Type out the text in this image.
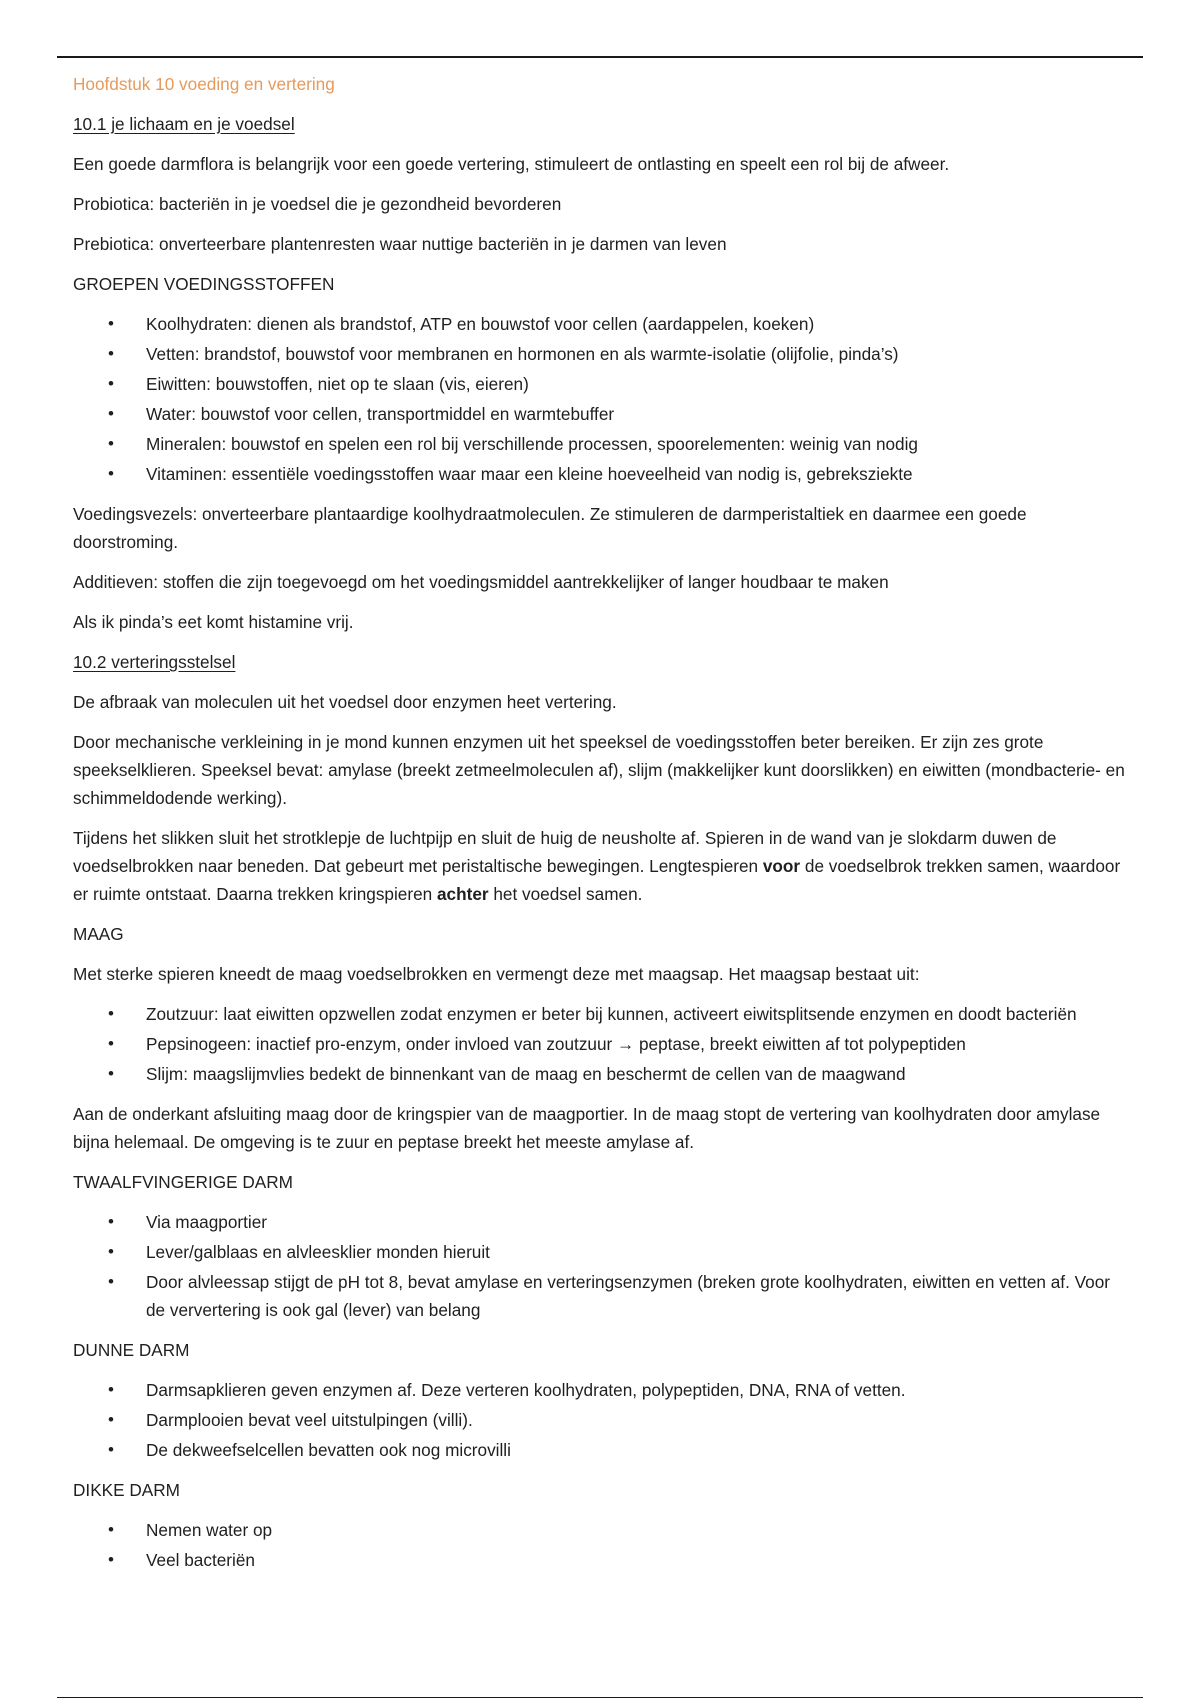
Hoofdstuk 10 voeding en vertering
10.1 je lichaam en je voedsel
Een goede darmflora is belangrijk voor een goede vertering, stimuleert de ontlasting en speelt een rol bij de afweer.
Probiotica: bacteriën in je voedsel die je gezondheid bevorderen
Prebiotica: onverteerbare plantenresten waar nuttige bacteriën in je darmen van leven
GROEPEN VOEDINGSSTOFFEN
• Koolhydraten: dienen als brandstof, ATP en bouwstof voor cellen (aardappelen, koeken)
• Vetten: brandstof, bouwstof voor membranen en hormonen en als warmte-isolatie (olijfolie, pinda’s)
• Eiwitten: bouwstoffen, niet op te slaan (vis, eieren)
• Water: bouwstof voor cellen, transportmiddel en warmtebuffer
• Mineralen: bouwstof en spelen een rol bij verschillende processen, spoorelementen: weinig van nodig
• Vitaminen: essentiële voedingsstoffen waar maar een kleine hoeveelheid van nodig is, gebreksziekte
Voedingsvezels: onverteerbare plantaardige koolhydraatmoleculen. Ze stimuleren de darmperistaltiek en daarmee een goede doorstroming.
Additieven: stoffen die zijn toegevoegd om het voedingsmiddel aantrekkelijker of langer houdbaar te maken
Als ik pinda’s eet komt histamine vrij.
10.2 verteringsstelsel
De afbraak van moleculen uit het voedsel door enzymen heet vertering.
Door mechanische verkleining in je mond kunnen enzymen uit het speeksel de voedingsstoffen beter bereiken. Er zijn zes grote speekselklieren. Speeksel bevat: amylase (breekt zetmeelmoleculen af), slijm (makkelijker kunt doorslikken) en eiwitten (mondbacterie- en schimmeldodende werking).
Tijdens het slikken sluit het strotklepje de luchtpijp en sluit de huig de neusholte af. Spieren in de wand van je slokdarm duwen de voedselbrokken naar beneden. Dat gebeurt met peristaltische bewegingen. Lengtespieren voor de voedselbrok trekken samen, waardoor er ruimte ontstaat. Daarna trekken kringspieren achter het voedsel samen.
MAAG
Met sterke spieren kneedt de maag voedselbrokken en vermengt deze met maagsap. Het maagsap bestaat uit:
• Zoutzuur: laat eiwitten opzwellen zodat enzymen er beter bij kunnen, activeert eiwitsplitsende enzymen en doodt bacteriën
• Pepsinogeen: inactief pro-enzym, onder invloed van zoutzuur → peptase, breekt eiwitten af tot polypeptiden
• Slijm: maagslijmvlies bedekt de binnenkant van de maag en beschermt de cellen van de maagwand
Aan de onderkant afsluiting maag door de kringspier van de maagportier. In de maag stopt de vertering van koolhydraten door amylase bijna helemaal. De omgeving is te zuur en peptase breekt het meeste amylase af.
TWAALFVINGERIGE DARM
• Via maagportier
• Lever/galblaas en alvleesklier monden hieruit
• Door alvleessap stijgt de pH tot 8, bevat amylase en verteringsenzymen (breken grote koolhydraten, eiwitten en vetten af. Voor de ververtering is ook gal (lever) van belang
DUNNE DARM
• Darmsapklieren geven enzymen af. Deze verteren koolhydraten, polypeptiden, DNA, RNA of vetten.
• Darmplooien bevat veel uitstulpingen (villi).
• De dekweefselcellen bevatten ook nog microvilli
DIKKE DARM
• Nemen water op
• Veel bacteriën
